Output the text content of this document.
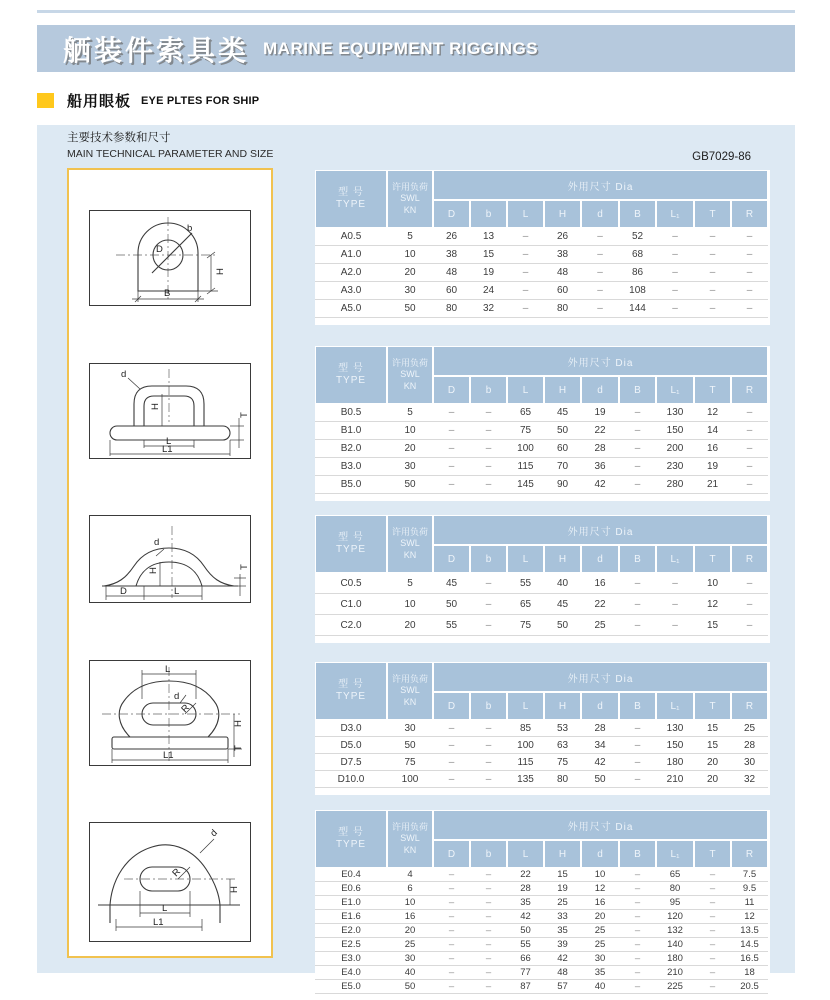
舾装件索具类 MARINE EQUIPMENT RIGGINGS
船用眼板 EYE PLTES FOR SHIP
主要技术参数和尺寸
MAIN TECHNICAL PARAMETER AND SIZE	GB7029-86
D
b
H
B
d
H
T
L
L1
d
H
T
D	L
L
d
R
H
T
L1
d
R
H
L
L1
型 号
TYPE

许用负荷
SWL
KN
	外用尺寸 Dia
		D	b	L	H	d	B	L₁	T	R
A0.5	5	26	13	–	26	–	52	–	–	–
A1.0	10	38	15	–	38	–	68	–	–	–
A2.0	20	48	19	–	48	–	86	–	–	–
A3.0	30	60	24	–	60	–	108	–	–	–
A5.0	50	80	32	–	80	–	144	–	–	–
型 号
TYPE

许用负荷
SWL
KN
	外用尺寸 Dia
		D	b	L	H	d	B	L₁	T	R
B0.5	5	–	–	65	45	19	–	130	12	–
B1.0	10	–	–	75	50	22	–	150	14	–
B2.0	20	–	–	100	60	28	–	200	16	–
B3.0	30	–	–	115	70	36	–	230	19	–
B5.0	50	–	–	145	90	42	–	280	21	–
型 号
TYPE

许用负荷
SWL
KN
	外用尺寸 Dia
		D	b	L	H	d	B	L₁	T	R
C0.5	5	45	–	55	40	16	–	–	10	–
C1.0	10	50	–	65	45	22	–	–	12	–
C2.0	20	55	–	75	50	25	–	–	15	–
型 号
TYPE

许用负荷
SWL
KN
	外用尺寸 Dia
		D	b	L	H	d	B	L₁	T	R
D3.0	30	–	–	85	53	28	–	130	15	25
D5.0	50	–	–	100	63	34	–	150	15	28
D7.5	75	–	–	115	75	42	–	180	20	30
D10.0	100	–	–	135	80	50	–	210	20	32
型 号
TYPE

许用负荷
SWL
KN
	外用尺寸 Dia
		D	b	L	H	d	B	L₁	T	R
E0.4	4	–	–	22	15	10	–	65	–	7.5
E0.6	6	–	–	28	19	12	–	80	–	9.5
E1.0	10	–	–	35	25	16	–	95	–	11
E1.6	16	–	–	42	33	20	–	120	–	12
E2.0	20	–	–	50	35	25	–	132	–	13.5
E2.5	25	–	–	55	39	25	–	140	–	14.5
E3.0	30	–	–	66	42	30	–	180	–	16.5
E4.0	40	–	–	77	48	35	–	210	–	18
E5.0	50	–	–	87	57	40	–	225	–	20.5
